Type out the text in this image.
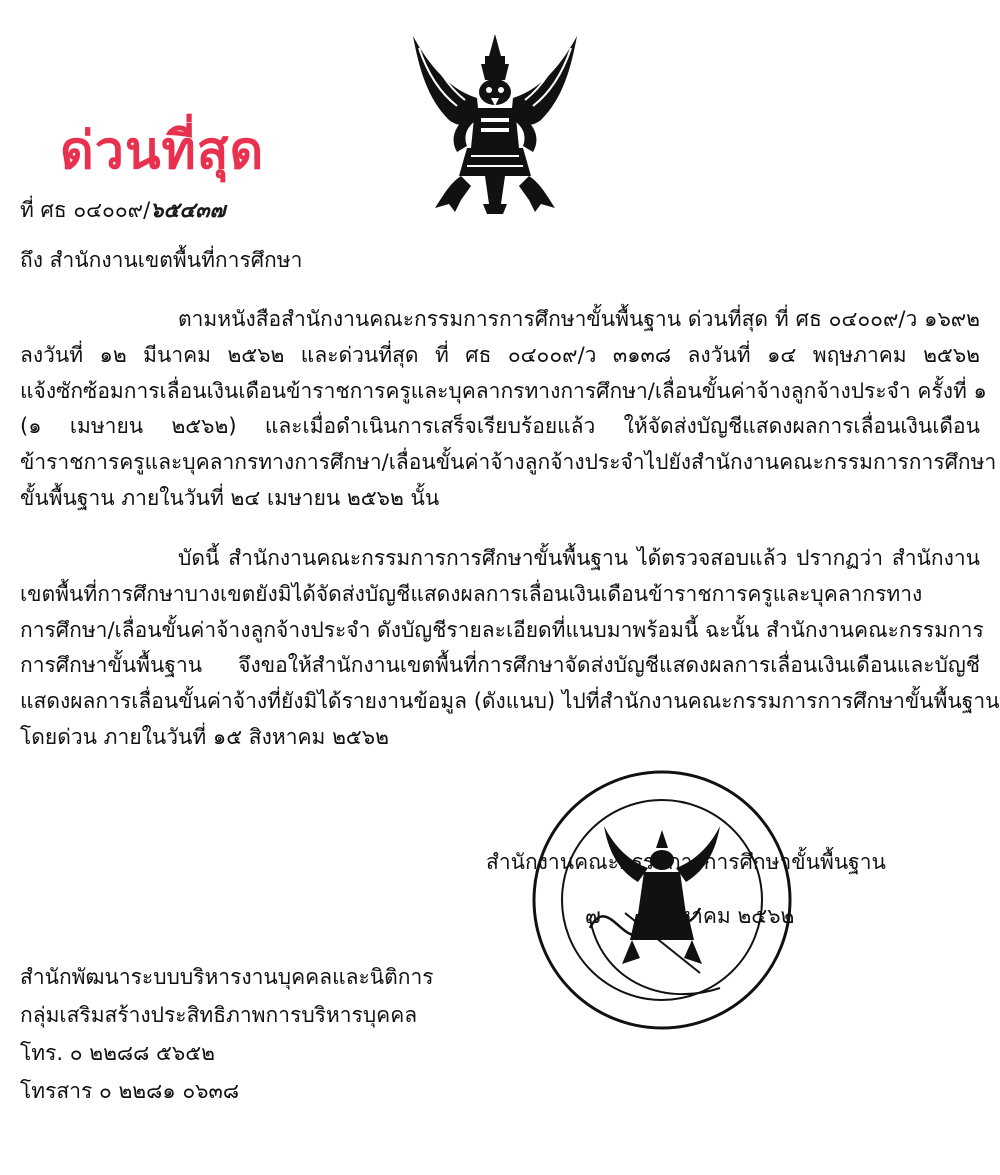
ด่วนที่สุด
ที่ ศธ ๐๔๐๐๙/๖๕๔๓๗
ถึง สำนักงานเขตพื้นที่การศึกษา
ตามหนังสือสำนักงานคณะกรรมการการศึกษาขั้นพื้นฐาน ด่วนที่สุด ที่ ศธ ๐๔๐๐๙/ว ๑๖๙๒
ลงวันที่ ๑๒ มีนาคม ๒๕๖๒ และด่วนที่สุด ที่ ศธ ๐๔๐๐๙/ว ๓๑๓๘ ลงวันที่ ๑๔ พฤษภาคม ๒๕๖๒
แจ้งซักซ้อมการเลื่อนเงินเดือนข้าราชการครูและบุคลากรทางการศึกษา/เลื่อนขั้นค่าจ้างลูกจ้างประจำ ครั้งที่ ๑
(๑ เมษายน ๒๕๖๒) และเมื่อดำเนินการเสร็จเรียบร้อยแล้ว ให้จัดส่งบัญชีแสดงผลการเลื่อนเงินเดือน
ข้าราชการครูและบุคลากรทางการศึกษา/เลื่อนขั้นค่าจ้างลูกจ้างประจำไปยังสำนักงานคณะกรรมการการศึกษา
ขั้นพื้นฐาน ภายในวันที่ ๒๔ เมษายน ๒๕๖๒ นั้น
บัดนี้ สำนักงานคณะกรรมการการศึกษาขั้นพื้นฐาน ได้ตรวจสอบแล้ว ปรากฏว่า สำนักงาน
เขตพื้นที่การศึกษาบางเขตยังมิได้จัดส่งบัญชีแสดงผลการเลื่อนเงินเดือนข้าราชการครูและบุคลากรทาง
การศึกษา/เลื่อนขั้นค่าจ้างลูกจ้างประจำ ดังบัญชีรายละเอียดที่แนบมาพร้อมนี้ ฉะนั้น สำนักงานคณะกรรมการ
การศึกษาขั้นพื้นฐาน จึงขอให้สำนักงานเขตพื้นที่การศึกษาจัดส่งบัญชีแสดงผลการเลื่อนเงินเดือนและบัญชี
แสดงผลการเลื่อนขั้นค่าจ้างที่ยังมิได้รายงานข้อมูล (ดังแนบ) ไปที่สำนักงานคณะกรรมการการศึกษาขั้นพื้นฐาน
โดยด่วน ภายในวันที่ ๑๕ สิงหาคม ๒๕๖๒
สำนักงานคณะกรรมการการศึกษาขั้นพื้นฐาน
๗	สิงหาคม ๒๕๖๒
สำนักพัฒนาระบบบริหารงานบุคคลและนิติการ
กลุ่มเสริมสร้างประสิทธิภาพการบริหารบุคคล
โทร. ๐ ๒๒๘๘ ๕๖๕๒
โทรสาร ๐ ๒๒๘๑ ๐๖๓๘
